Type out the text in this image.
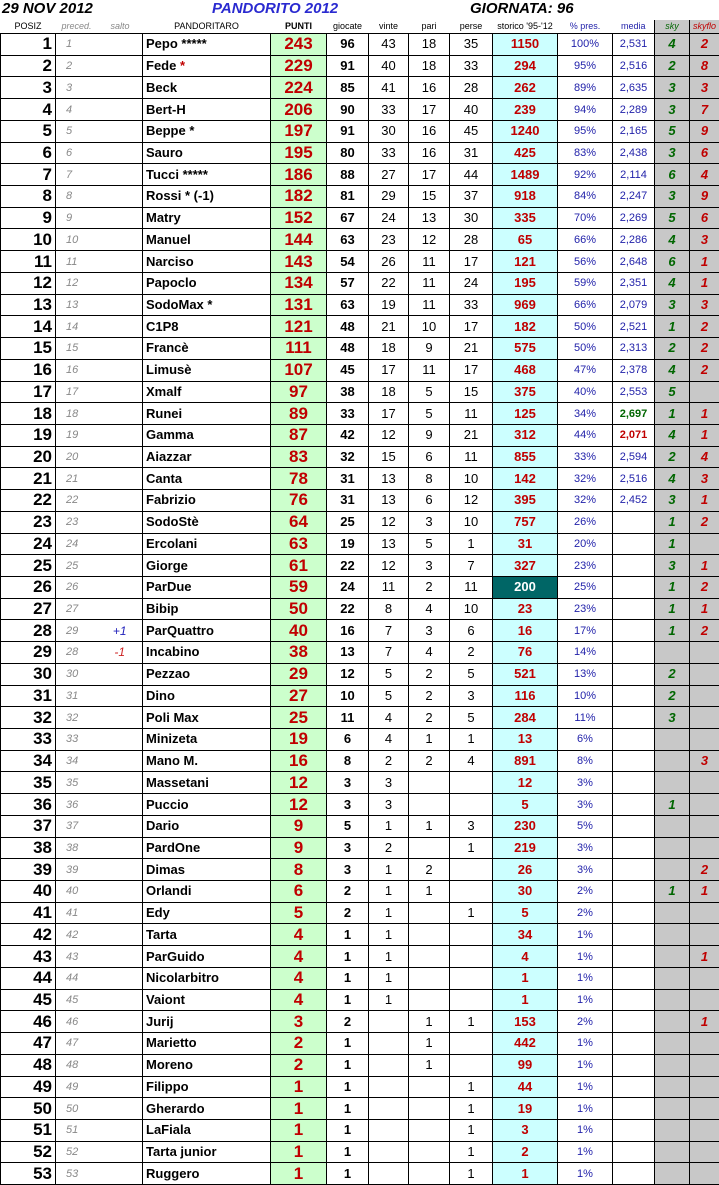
29 NOV 2012	PANDORITO 2012	GIORNATA: 96
POSIZ	preced.	salto	PANDORITARO	PUNTI	giocate	vinte	pari	perse	storico '95-'12	% pres.	media	sky	skyflo
1	1		Pepo *****	243	96	43	18	35	1150	100%	2,531	4	2
2	2		Fede *	229	91	40	18	33	294	95%	2,516	2	8
3	3		Beck	224	85	41	16	28	262	89%	2,635	3	3
4	4		Bert-H	206	90	33	17	40	239	94%	2,289	3	7
5	5		Beppe *	197	91	30	16	45	1240	95%	2,165	5	9
6	6		Sauro	195	80	33	16	31	425	83%	2,438	3	6
7	7		Tucci *****	186	88	27	17	44	1489	92%	2,114	6	4
8	8		Rossi * (-1)	182	81	29	15	37	918	84%	2,247	3	9
9	9		Matry	152	67	24	13	30	335	70%	2,269	5	6
10	10		Manuel	144	63	23	12	28	65	66%	2,286	4	3
11	11		Narciso	143	54	26	11	17	121	56%	2,648	6	1
12	12		Papoclo	134	57	22	11	24	195	59%	2,351	4	1
13	13		SodoMax *	131	63	19	11	33	969	66%	2,079	3	3
14	14		C1P8	121	48	21	10	17	182	50%	2,521	1	2
15	15		Francè	111	48	18	9	21	575	50%	2,313	2	2
16	16		Limusè	107	45	17	11	17	468	47%	2,378	4	2
17	17		Xmalf	97	38	18	5	15	375	40%	2,553	5	
18	18		Runei	89	33	17	5	11	125	34%	2,697	1	1
19	19		Gamma	87	42	12	9	21	312	44%	2,071	4	1
20	20		Aiazzar	83	32	15	6	11	855	33%	2,594	2	4
21	21		Canta	78	31	13	8	10	142	32%	2,516	4	3
22	22		Fabrizio	76	31	13	6	12	395	32%	2,452	3	1
23	23		SodoStè	64	25	12	3	10	757	26%		1	2
24	24		Ercolani	63	19	13	5	1	31	20%		1	
25	25		Giorge	61	22	12	3	7	327	23%		3	1
26	26		ParDue	59	24	11	2	11	200	25%		1	2
27	27		Bibip	50	22	8	4	10	23	23%		1	1
28	29	+1	ParQuattro	40	16	7	3	6	16	17%		1	2
29	28	-1	Incabino	38	13	7	4	2	76	14%			
30	30		Pezzao	29	12	5	2	5	521	13%		2	
31	31		Dino	27	10	5	2	3	116	10%		2	
32	32		Poli Max	25	11	4	2	5	284	11%		3	
33	33		Minizeta	19	6	4	1	1	13	6%			
34	34		Mano M.	16	8	2	2	4	891	8%			3
35	35		Massetani	12	3	3			12	3%			
36	36		Puccio	12	3	3			5	3%		1	
37	37		Dario	9	5	1	1	3	230	5%			
38	38		PardOne	9	3	2		1	219	3%			
39	39		Dimas	8	3	1	2		26	3%			2
40	40		Orlandi	6	2	1	1		30	2%		1	1
41	41		Edy	5	2	1		1	5	2%			
42	42		Tarta	4	1	1			34	1%			
43	43		ParGuido	4	1	1			4	1%			1
44	44		Nicolarbitro	4	1	1			1	1%			
45	45		Vaiont	4	1	1			1	1%			
46	46		Jurij	3	2		1	1	153	2%			1
47	47		Marietto	2	1		1		442	1%			
48	48		Moreno	2	1		1		99	1%			
49	49		Filippo	1	1			1	44	1%			
50	50		Gherardo	1	1			1	19	1%			
51	51		LaFiala	1	1			1	3	1%			
52	52		Tarta junior	1	1			1	2	1%			
53	53		Ruggero	1	1			1	1	1%			
